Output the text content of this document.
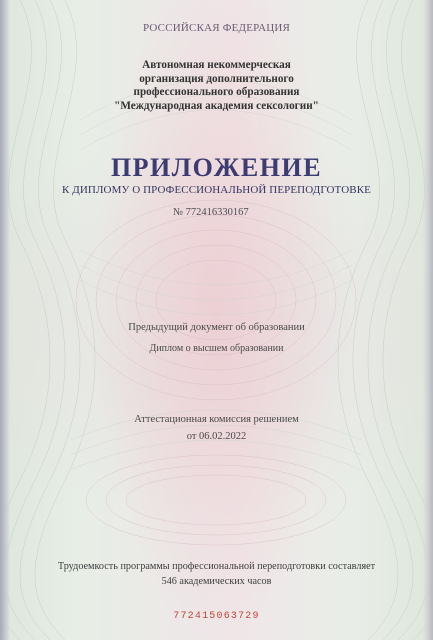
РОССИЙСКАЯ ФЕДЕРАЦИЯ
Автономная некоммерческая
организация дополнительного
профессионального образования
"Международная академия сексологии"
ПРИЛОЖЕНИЕ
К ДИПЛОМУ О ПРОФЕССИОНАЛЬНОЙ ПЕРЕПОДГОТОВКЕ
№ 772416330167
Предыдущий документ об образовании
Диплом о высшем образовании
Аттестационная комиссия решением
от 06.02.2022
Трудоемкость программы профессиональной переподготовки составляет
546 академических часов
772415063729
